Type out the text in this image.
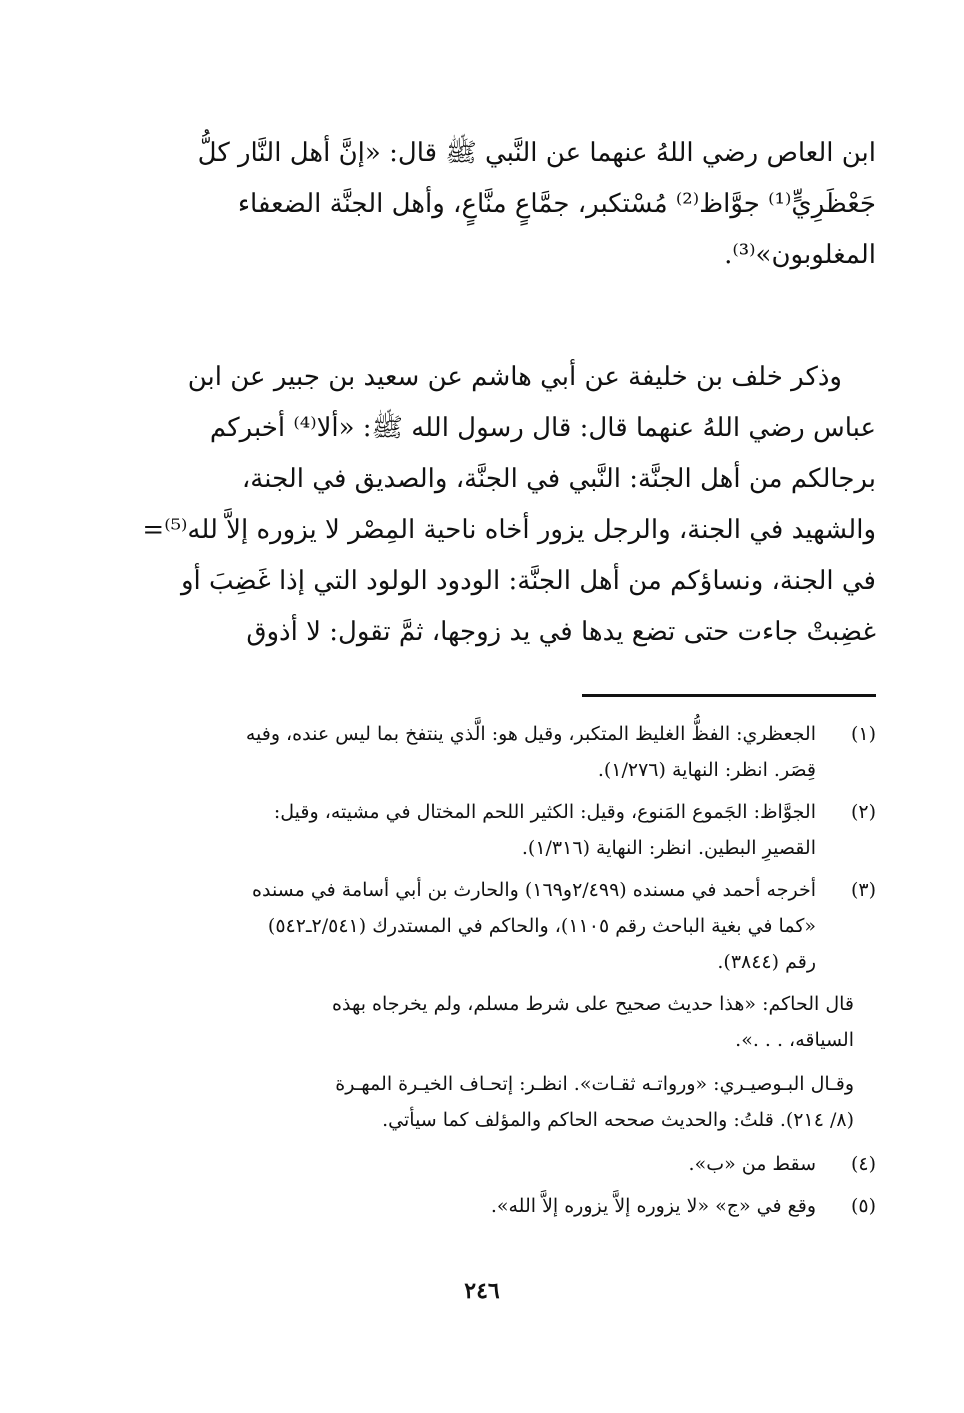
ابن العاص رضي اللهُ عنهما عن النَّبي ﷺ قال: «إنَّ أهل النَّار كلُّ

جَعْظَرِيٍّ⁽¹⁾ جوَّاظ⁽²⁾ مُسْتكبر، جمَّاعٍ منَّاعٍ، وأهل الجنَّة الضعفاء

المغلوبون»⁽³⁾.

وذكر خلف بن خليفة عن أبي هاشم عن سعيد بن جبير عن ابن

عباس رضي اللهُ عنهما قال: قال رسول الله ﷺ: «ألا⁽⁴⁾ أخبركم

برجالكم من أهل الجنَّة: النَّبي في الجنَّة، والصديق في الجنة،

والشهيد في الجنة، والرجل يزور أخاه ناحية المِصْر لا يزوره إلاَّ لله⁽⁵⁾=

في الجنة، ونساؤكم من أهل الجنَّة: الودود الولود التي إذا غَضِبَ أو

غضِبتْ جاءت حتى تضع يدها في يد زوجها، ثمَّ تقول: لا أذوق

(١)

الجعظري: الفظُّ الغليظ المتكبر، وقيل هو: الَّذي ينتفخ بما ليس عنده، وفيه

قِصَر. انظر: النهاية (١/٢٧٦).

(٢)

الجوَّاظ: الجَموع المَنوع، وقيل: الكثير اللحم المختال في مشيته، وقيل:

القصيرِ البطين. انظر: النهاية (١/٣١٦).

(٣)

أخرجه أحمد في مسنده (٢/٤٩٩و١٦٩) والحارث بن أبي أسامة في مسنده

«كما في بغية الباحث رقم ١١٠٥)، والحاكم في المستدرك (٢/٥٤١ـ٥٤٢)

رقم (٣٨٤٤).

قال الحاكم: «هذا حديث صحيح على شرط مسلم، ولم يخرجاه بهذه

السياقه، . . .».

وقـال البـوصيـري: «ورواتـه ثقـات». انظـر: إتحـاف الخيـرة المهـرة

(٨/ ٢١٤). قلتُ: والحديث صححه الحاكم والمؤلف كما سيأتي.

(٤)

سقط من «ب».

(٥)

وقع في «ج» «لا يزوره إلاَّ يزوره إلاَّ الله».

٢٤٦
